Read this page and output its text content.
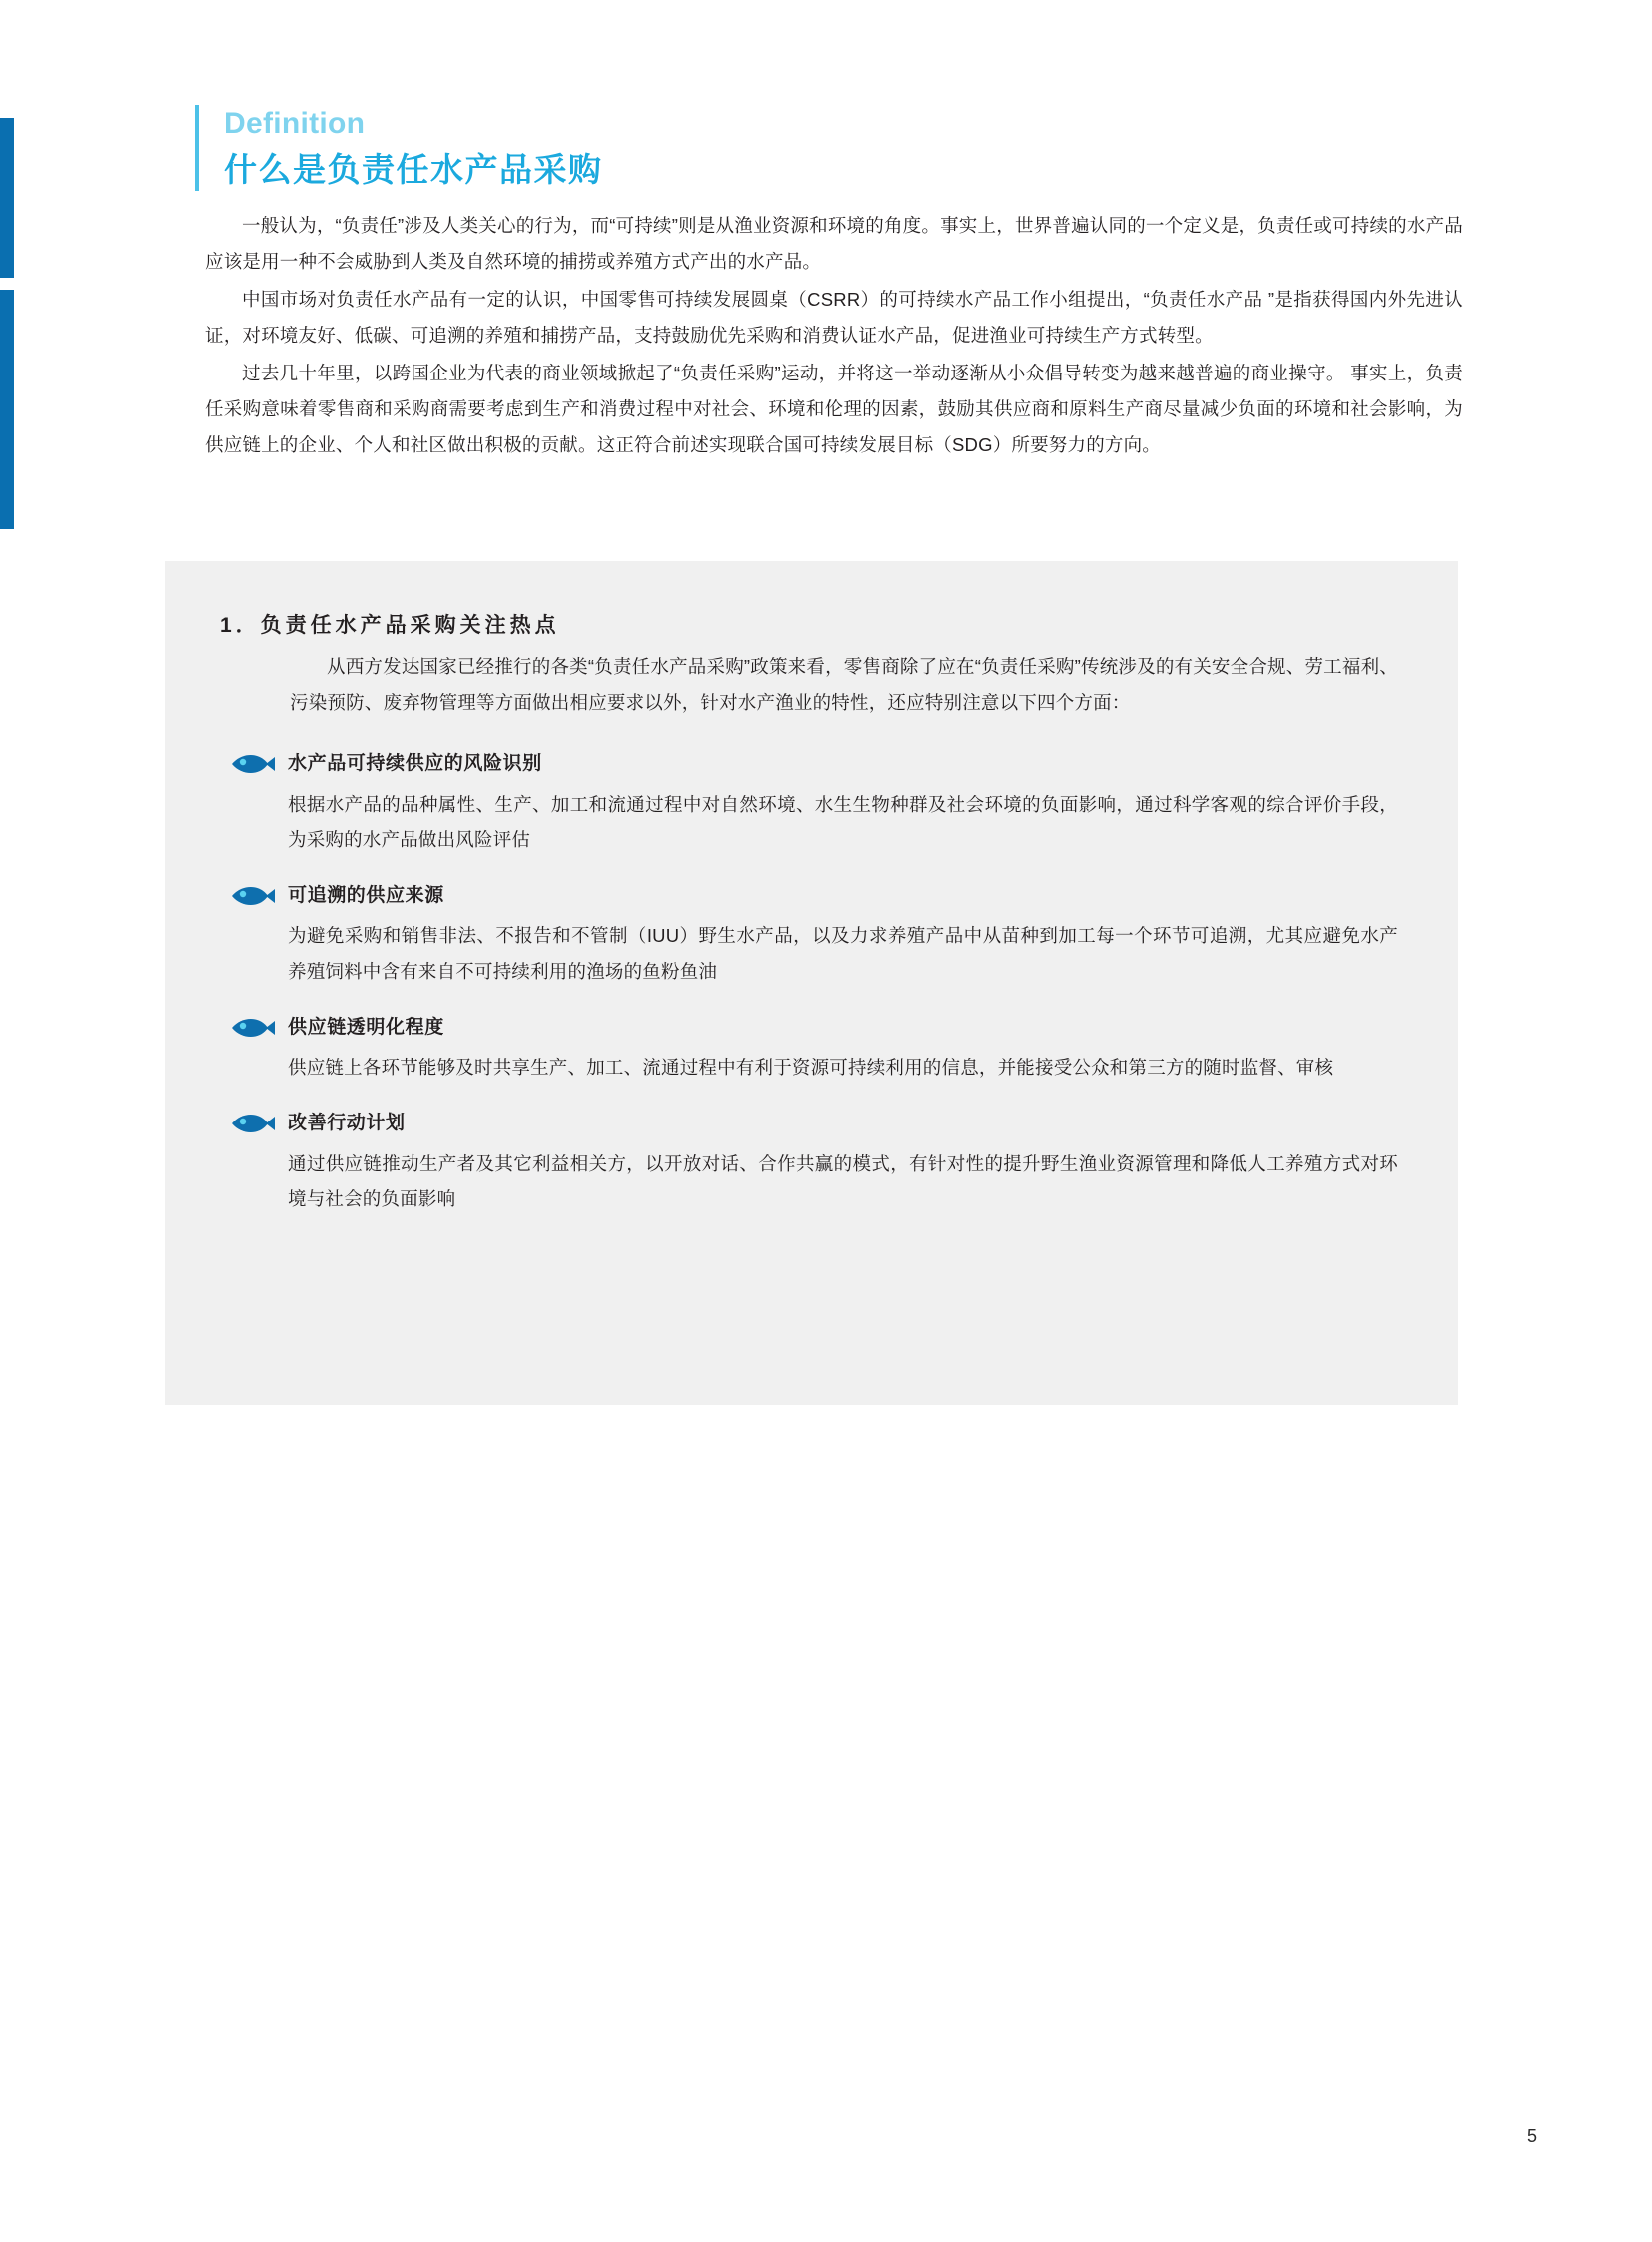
Definition
什么是负责任水产品采购

一般认为，“负责任”涉及人类关心的行为，而“可持续”则是从渔业资源和环境的角度。事实上，世界普遍认同的一个定义是，负责任或可持续的水产品应该是用一种不会威胁到人类及自然环境的捕捞或养殖方式产出的水产品。

中国市场对负责任水产品有一定的认识，中国零售可持续发展圆桌（CSRR）的可持续水产品工作小组提出，“负责任水产品 ”是指获得国内外先进认证，对环境友好、低碳、可追溯的养殖和捕捞产品，支持鼓励优先采购和消费认证水产品，促进渔业可持续生产方式转型。

过去几十年里，以跨国企业为代表的商业领域掀起了“负责任采购”运动，并将这一举动逐渐从小众倡导转变为越来越普遍的商业操守。 事实上，负责任采购意味着零售商和采购商需要考虑到生产和消费过程中对社会、环境和伦理的因素，鼓励其供应商和原料生产商尽量减少负面的环境和社会影响，为供应链上的企业、个人和社区做出积极的贡献。这正符合前述实现联合国可持续发展目标（SDG）所要努力的方向。

1．负责任水产品采购关注热点
从西方发达国家已经推行的各类“负责任水产品采购”政策来看，零售商除了应在“负责任采购”传统涉及的有关安全合规、劳工福利、污染预防、废弃物管理等方面做出相应要求以外，针对水产渔业的特性，还应特别注意以下四个方面：
水产品可持续供应的风险识别
根据水产品的品种属性、生产、加工和流通过程中对自然环境、水生生物种群及社会环境的负面影响，通过科学客观的综合评价手段，为采购的水产品做出风险评估
可追溯的供应来源
为避免采购和销售非法、不报告和不管制（IUU）野生水产品，以及力求养殖产品中从苗种到加工每一个环节可追溯，尤其应避免水产养殖饲料中含有来自不可持续利用的渔场的鱼粉鱼油
供应链透明化程度
供应链上各环节能够及时共享生产、加工、流通过程中有利于资源可持续利用的信息，并能接受公众和第三方的随时监督、审核
改善行动计划
通过供应链推动生产者及其它利益相关方，以开放对话、合作共赢的模式，有针对性的提升野生渔业资源管理和降低人工养殖方式对环境与社会的负面影响
5
